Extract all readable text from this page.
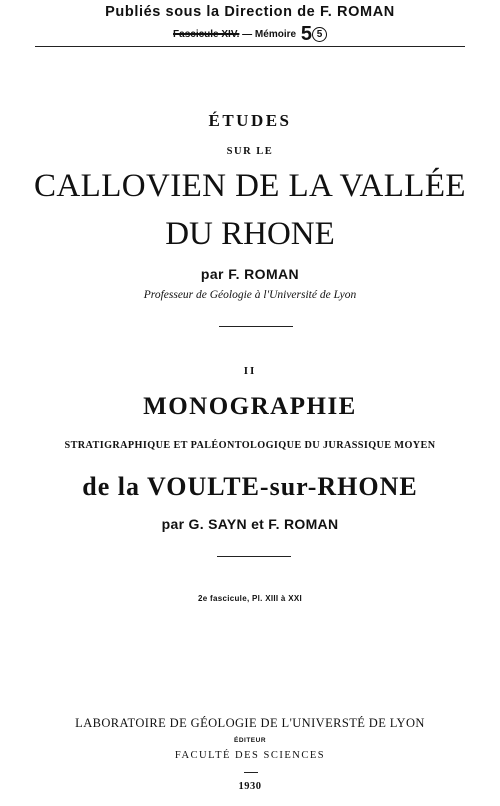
Publiés sous la Direction de F. ROMAN
Fascicule XIV. — Mémoire 5 5
ÉTUDES
SUR LE
CALLOVIEN DE LA VALLÉE
DU RHONE
par F. ROMAN
Professeur de Géologie à l'Université de Lyon
II
MONOGRAPHIE
STRATIGRAPHIQUE ET PALÉONTOLOGIQUE DU JURASSIQUE MOYEN
de la VOULTE-sur-RHONE
par G. SAYN et F. ROMAN
2e fascicule, Pl. XIII à XXI
LABORATOIRE DE GÉOLOGIE DE L'UNIVERSTÉ DE LYON
ÉDITEUR
FACULTÉ DES SCIENCES
1930
